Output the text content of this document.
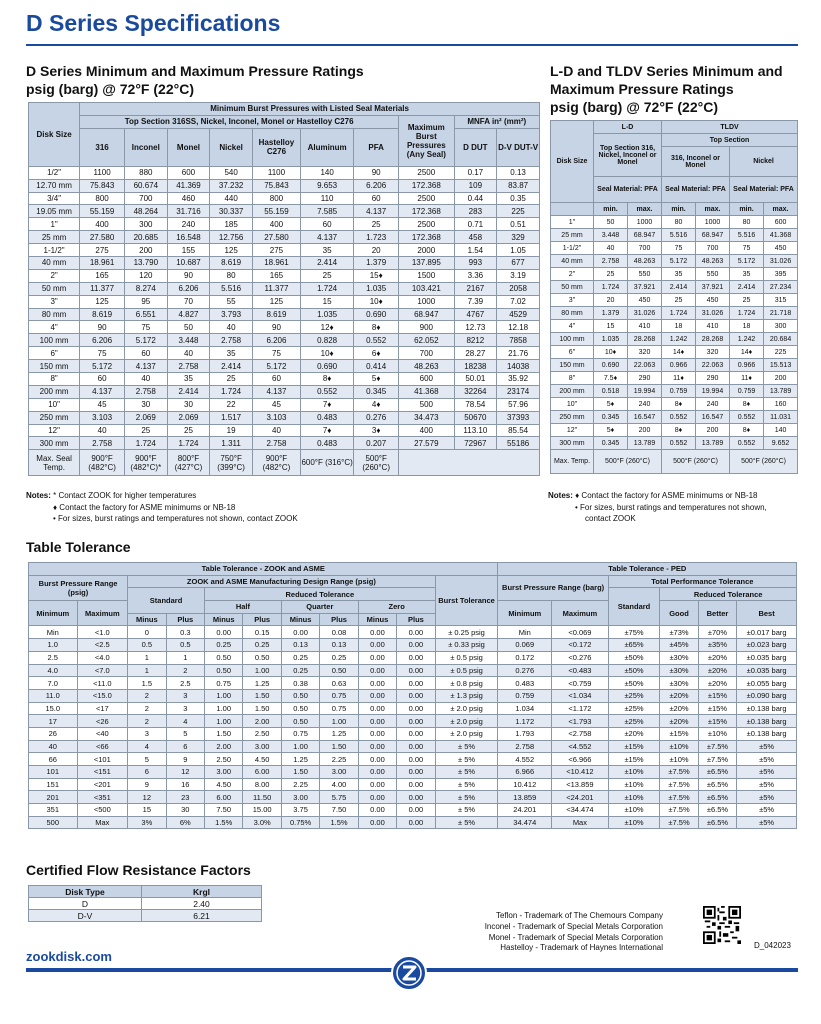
D Series Specifications
D Series Minimum and Maximum Pressure Ratings
psig (barg) @ 72°F (22°C)
Disk Size	Minimum Burst Pressures with Listed Seal Materials									
	Top Section 316SS, Nickel, Inconel, Monel or Hastelloy C276							Maximum Burst Pressures (Any Seal)	MNFA in² (mm²)	
	316	Inconel	Monel	Nickel	Hastelloy C276	Aluminum	PFA		D DUT	D-V DUT-V
1/2"	1100	880	600	540	1100	140	90	2500	0.17	0.13
12.70 mm	75.843	60.674	41.369	37.232	75.843	9.653	6.206	172.368	109	83.87
3/4"	800	700	460	440	800	110	60	2500	0.44	0.35
19.05 mm	55.159	48.264	31.716	30.337	55.159	7.585	4.137	172.368	283	225
1"	400	300	240	185	400	60	25	2500	0.71	0.51
25 mm	27.580	20.685	16.548	12.756	27.580	4.137	1.723	172.368	458	329
1-1/2"	275	200	155	125	275	35	20	2000	1.54	1.05
40 mm	18.961	13.790	10.687	8.619	18.961	2.414	1.379	137.895	993	677
2"	165	120	90	80	165	25	15♦	1500	3.36	3.19
50 mm	11.377	8.274	6.206	5.516	11.377	1.724	1.035	103.421	2167	2058
3"	125	95	70	55	125	15	10♦	1000	7.39	7.02
80 mm	8.619	6.551	4.827	3.793	8.619	1.035	0.690	68.947	4767	4529
4"	90	75	50	40	90	12♦	8♦	900	12.73	12.18
100 mm	6.206	5.172	3.448	2.758	6.206	0.828	0.552	62.052	8212	7858
6"	75	60	40	35	75	10♦	6♦	700	28.27	21.76
150 mm	5.172	4.137	2.758	2.414	5.172	0.690	0.414	48.263	18238	14038
8"	60	40	35	25	60	8♦	5♦	600	50.01	35.92
200 mm	4.137	2.758	2.414	1.724	4.137	0.552	0.345	41.368	32264	23174
10"	45	30	30	22	45	7♦	4♦	500	78.54	57.96
250 mm	3.103	2.069	2.069	1.517	3.103	0.483	0.276	34.473	50670	37393
12"	40	25	25	19	40	7♦	3♦	400	113.10	85.54
300 mm	2.758	1.724	1.724	1.311	2.758	0.483	0.207	27.579	72967	55186
Max. Seal Temp.	900°F (482°C)	900°F (482°C)*	800°F (427°C)	750°F (399°C)	900°F (482°C)	600°F (316°C)	500°F (260°C)			
Notes: * Contact ZOOK for higher temperatures
♦ Contact the factory for ASME minimums or NB-18
• For sizes, burst ratings and temperatures not shown, contact ZOOK
L-D and TLDV Series Minimum and
Maximum Pressure Ratings
psig (barg) @ 72°F (22°C)
Disk Size	L-D		TLDV			
	Top Section 316, Nickel, Inconel or Monel		Top Section			
			316, Inconel or Monel		Nickel	
	Seal Material: PFA		Seal Material: PFA		Seal Material: PFA	
	min.	max.	min.	max.	min.	max.
1"	50	1000	80	1000	80	600
25 mm	3.448	68.947	5.516	68.947	5.516	41.368
1-1/2"	40	700	75	700	75	450
40 mm	2.758	48.263	5.172	48.263	5.172	31.026
2"	25	550	35	550	35	395
50 mm	1.724	37.921	2.414	37.921	2.414	27.234
3"	20	450	25	450	25	315
80 mm	1.379	31.026	1.724	31.026	1.724	21.718
4"	15	410	18	410	18	300
100 mm	1.035	28.268	1.242	28.268	1.242	20.684
6"	10♦	320	14♦	320	14♦	225
150 mm	0.690	22.063	0.966	22.063	0.966	15.513
8"	7.5♦	290	11♦	290	11♦	200
200 mm	0.518	19.994	0.759	19.994	0.759	13.789
10"	5♦	240	8♦	240	8♦	160
250 mm	0.345	16.547	0.552	16.547	0.552	11.031
12"	5♦	200	8♦	200	8♦	140
300 mm	0.345	13.789	0.552	13.789	0.552	9.652
Max. Temp.	500°F (260°C)		500°F (260°C)		500°F (260°C)	
Notes: ♦ Contact the factory for ASME minimums or NB-18
• For sizes, burst ratings and temperatures not shown,
contact ZOOK
Table Tolerance
Table Tolerance - ZOOK and ASME											Table Tolerance - PED					
Burst Pressure Range (psig)		ZOOK and ASME Manufacturing Design Range (psig)								Burst Tolerance	Burst Pressure Range (barg)		Total Performance Tolerance			
		Standard		Reduced Tolerance									Standard	Reduced Tolerance		
Minimum	Maximum			Half		Quarter		Zero			Minimum	Maximum		Good	Better	Best
		Minus	Plus	Minus	Plus	Minus	Plus	Minus	Plus							
Min	<1.0	0	0.3	0.00	0.15	0.00	0.08	0.00	0.00	± 0.25 psig	Min	<0.069	±75%	±73%	±70%	±0.017 barg
1.0	<2.5	0.5	0.5	0.25	0.25	0.13	0.13	0.00	0.00	± 0.33 psig	0.069	<0.172	±65%	±45%	±35%	±0.023 barg
2.5	<4.0	1	1	0.50	0.50	0.25	0.25	0.00	0.00	± 0.5 psig	0.172	<0.276	±50%	±30%	±20%	±0.035 barg
4.0	<7.0	1	2	0.50	1.00	0.25	0.50	0.00	0.00	± 0.5 psig	0.276	<0.483	±50%	±30%	±20%	±0.035 barg
7.0	<11.0	1.5	2.5	0.75	1.25	0.38	0.63	0.00	0.00	± 0.8 psig	0.483	<0.759	±50%	±30%	±20%	±0.055 barg
11.0	<15.0	2	3	1.00	1.50	0.50	0.75	0.00	0.00	± 1.3 psig	0.759	<1.034	±25%	±20%	±15%	±0.090 barg
15.0	<17	2	3	1.00	1.50	0.50	0.75	0.00	0.00	± 2.0 psig	1.034	<1.172	±25%	±20%	±15%	±0.138 barg
17	<26	2	4	1.00	2.00	0.50	1.00	0.00	0.00	± 2.0 psig	1.172	<1.793	±25%	±20%	±15%	±0.138 barg
26	<40	3	5	1.50	2.50	0.75	1.25	0.00	0.00	± 2.0 psig	1.793	<2.758	±20%	±15%	±10%	±0.138 barg
40	<66	4	6	2.00	3.00	1.00	1.50	0.00	0.00	± 5%	2.758	<4.552	±15%	±10%	±7.5%	±5%
66	<101	5	9	2.50	4.50	1.25	2.25	0.00	0.00	± 5%	4.552	<6.966	±15%	±10%	±7.5%	±5%
101	<151	6	12	3.00	6.00	1.50	3.00	0.00	0.00	± 5%	6.966	<10.412	±10%	±7.5%	±6.5%	±5%
151	<201	9	16	4.50	8.00	2.25	4.00	0.00	0.00	± 5%	10.412	<13.859	±10%	±7.5%	±6.5%	±5%
201	<351	12	23	6.00	11.50	3.00	5.75	0.00	0.00	± 5%	13.859	<24.201	±10%	±7.5%	±6.5%	±5%
351	<500	15	30	7.50	15.00	3.75	7.50	0.00	0.00	± 5%	24.201	<34.474	±10%	±7.5%	±6.5%	±5%
500	Max	3%	6%	1.5%	3.0%	0.75%	1.5%	0.00	0.00	± 5%	34.474	Max	±10%	±7.5%	±6.5%	±5%
Certified Flow Resistance Factors
Disk Type	Krgl
D	2.40
D-V	6.21	Teflon - Trademark of The Chemours Company
Inconel - Trademark of Special Metals Corporation
Monel - Trademark of Special Metals Corporation
Hastelloy - Trademark of Haynes International	D_042023
zookdisk.com
